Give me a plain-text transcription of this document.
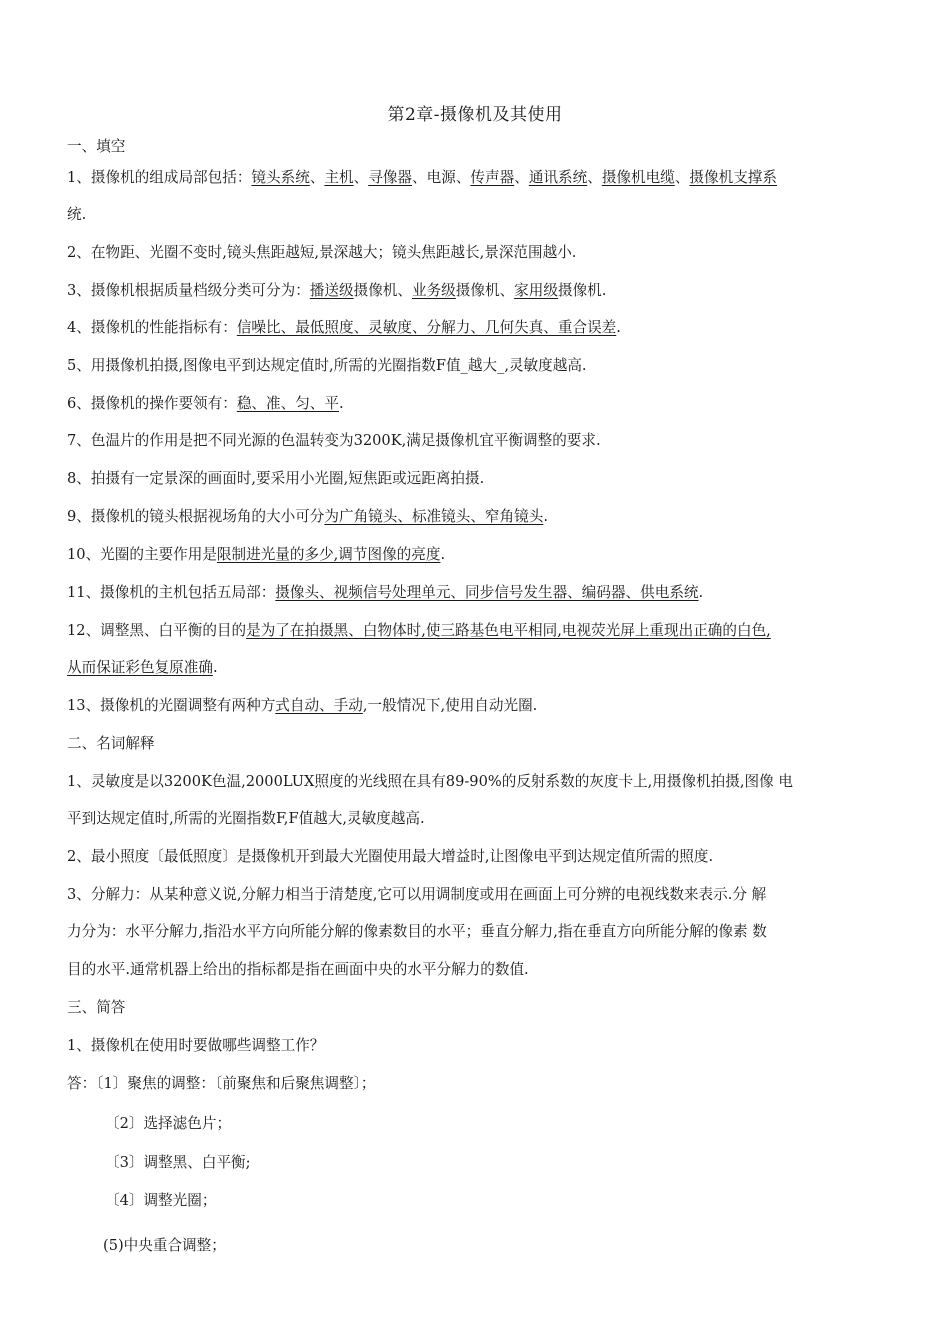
第2章-摄像机及其使用
一、填空
1、摄像机的组成局部包括：镜头系统、主机、寻像器、电源、传声器、通讯系统、摄像机电缆、摄像机支撑系
统.
2、在物距、光圈不变时,镜头焦距越短,景深越大；镜头焦距越长,景深范围越小.
3、摄像机根据质量档级分类可分为：播送级摄像机、业务级摄像机、家用级摄像机.
4、摄像机的性能指标有：信噪比、最低照度、灵敏度、分解力、几何失真、重合误差.
5、用摄像机拍摄,图像电平到达规定值时,所需的光圈指数F值_越大_,灵敏度越高.
6、摄像机的操作要领有：稳、准、匀、平.
7、色温片的作用是把不同光源的色温转变为3200K,满足摄像机宜平衡调整的要求.
8、拍摄有一定景深的画面时,要采用小光圈,短焦距或远距离拍摄.
9、摄像机的镜头根据视场角的大小可分为广角镜头、标准镜头、窄角镜头.
10、光圈的主要作用是限制进光量的多少,调节图像的亮度.
11、摄像机的主机包括五局部：摄像头、视频信号处理单元、同步信号发生器、编码器、供电系统.
12、调整黑、白平衡的目的是为了在拍摄黑、白物体时,使三路基色电平相同,电视荧光屏上重现出正确的白色,
从而保证彩色复原准确.
13、摄像机的光圈调整有两种方式自动、手动,一般情况下,使用自动光圈.
二、名词解释
1、灵敏度是以3200K色温,2000LUX照度的光线照在具有89-90%的反射系数的灰度卡上,用摄像机拍摄,图像 电
平到达规定值时,所需的光圈指数F,F值越大,灵敏度越高.
2、最小照度〔最低照度〕是摄像机开到最大光圈使用最大增益时,让图像电平到达规定值所需的照度.
3、分解力：从某种意义说,分解力相当于清楚度,它可以用调制度或用在画面上可分辨的电视线数来表示.分 解
力分为：水平分解力,指沿水平方向所能分解的像素数目的水平；垂直分解力,指在垂直方向所能分解的像素 数
目的水平.通常机器上给出的指标都是指在画面中央的水平分解力的数值.
三、简答
1、摄像机在使用时要做哪些调整工作？
答：〔1〕聚焦的调整：〔前聚焦和后聚焦调整〕；
〔2〕选择滤色片；
〔3〕调整黑、白平衡;
〔4〕调整光圈；
(5)中央重合调整；
